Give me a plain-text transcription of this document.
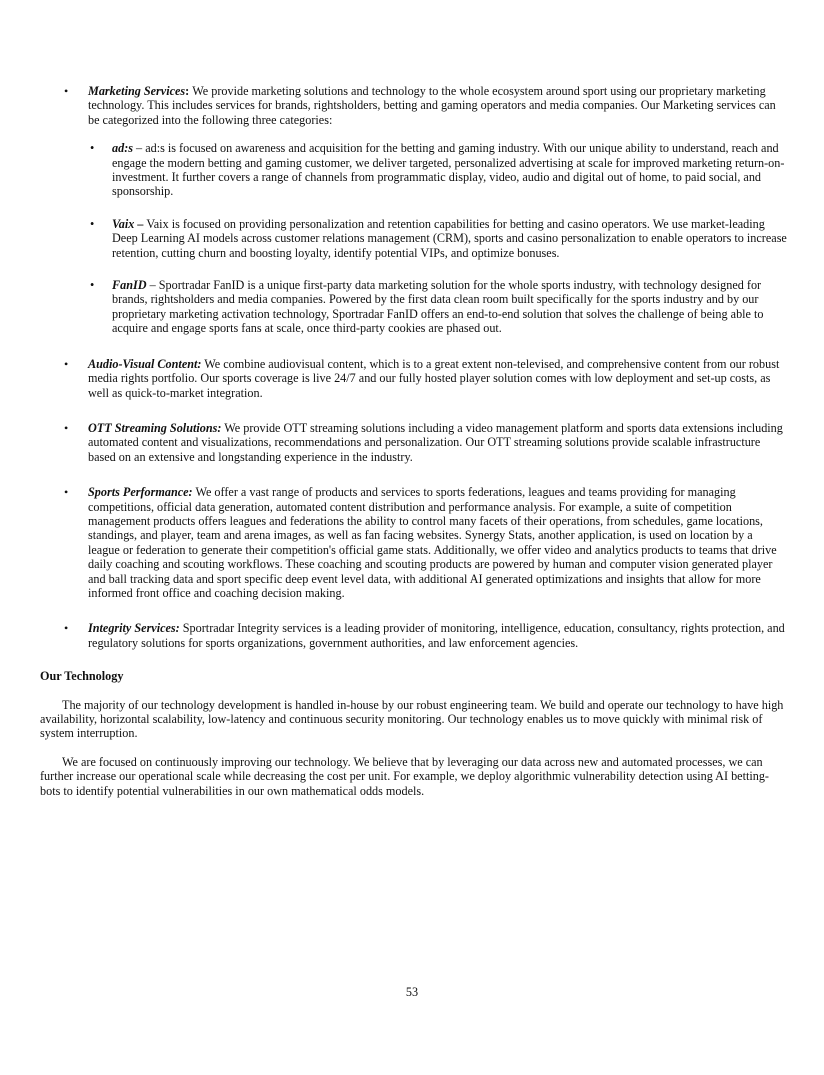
• Marketing Services: We provide marketing solutions and technology to the whole ecosystem around sport using our proprietary marketing technology. This includes services for brands, rightsholders, betting and gaming operators and media companies. Our Marketing services can be categorized into the following three categories:
• ad:s – ad:s is focused on awareness and acquisition for the betting and gaming industry. With our unique ability to understand, reach and engage the modern betting and gaming customer, we deliver targeted, personalized advertising at scale for improved marketing return-on-investment. It further covers a range of channels from programmatic display, video, audio and digital out of home, to paid social, and sponsorship.
• Vaix – Vaix is focused on providing personalization and retention capabilities for betting and casino operators. We use market-leading Deep Learning AI models across customer relations management (CRM), sports and casino personalization to enable operators to increase retention, cutting churn and boosting loyalty, identify potential VIPs, and optimize bonuses.
• FanID – Sportradar FanID is a unique first-party data marketing solution for the whole sports industry, with technology designed for brands, rightsholders and media companies. Powered by the first data clean room built specifically for the sports industry and by our proprietary marketing activation technology, Sportradar FanID offers an end-to-end solution that solves the challenge of being able to acquire and engage sports fans at scale, once third-party cookies are phased out.
• Audio-Visual Content: We combine audiovisual content, which is to a great extent non-televised, and comprehensive content from our robust media rights portfolio. Our sports coverage is live 24/7 and our fully hosted player solution comes with low deployment and set-up costs, as well as quick-to-market integration.
• OTT Streaming Solutions: We provide OTT streaming solutions including a video management platform and sports data extensions including automated content and visualizations, recommendations and personalization. Our OTT streaming solutions provide scalable infrastructure based on an extensive and longstanding experience in the industry.
• Sports Performance: We offer a vast range of products and services to sports federations, leagues and teams providing for managing competitions, official data generation, automated content distribution and performance analysis. For example, a suite of competition management products offers leagues and federations the ability to control many facets of their operations, from schedules, game locations, standings, and player, team and arena images, as well as fan facing websites. Synergy Stats, another application, is used on location by a league or federation to generate their competition's official game stats. Additionally, we offer video and analytics products to teams that drive daily coaching and scouting workflows. These coaching and scouting products are powered by human and computer vision generated player and ball tracking data and sport specific deep event level data, with additional AI generated optimizations and insights that allow for more informed front office and coaching decision making.
• Integrity Services: Sportradar Integrity services is a leading provider of monitoring, intelligence, education, consultancy, rights protection, and regulatory solutions for sports organizations, government authorities, and law enforcement agencies.
Our Technology

The majority of our technology development is handled in-house by our robust engineering team. We build and operate our technology to have high availability, horizontal scalability, low-latency and continuous security monitoring. Our technology enables us to move quickly with minimal risk of system interruption.

We are focused on continuously improving our technology. We believe that by leveraging our data across new and automated processes, we can further increase our operational scale while decreasing the cost per unit. For example, we deploy algorithmic vulnerability detection using AI betting-bots to identify potential vulnerabilities in our own mathematical odds models.

53
